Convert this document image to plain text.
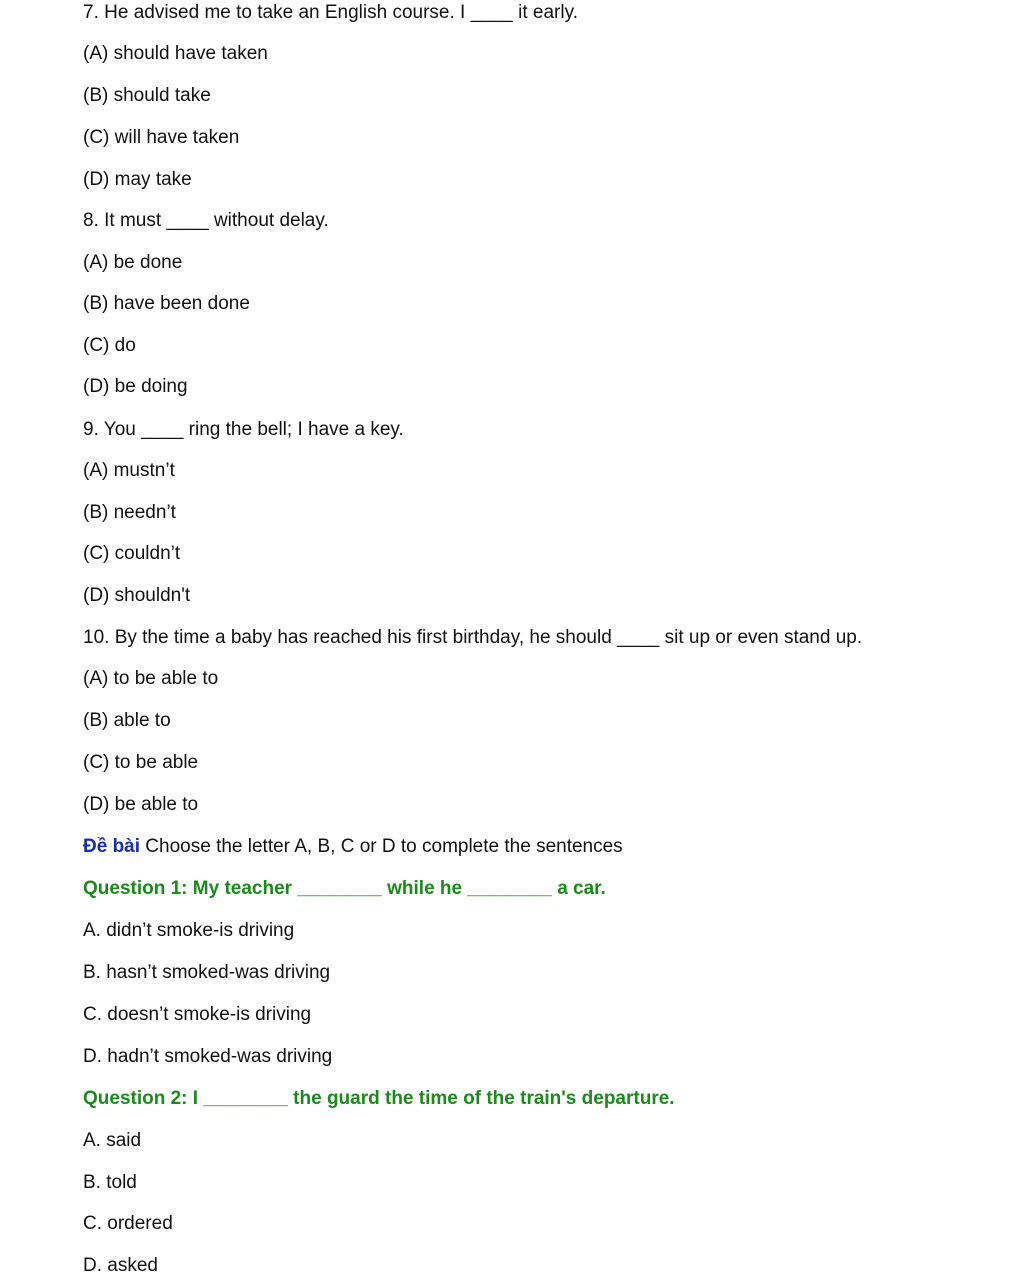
7. He advised me to take an English course. I ____ it early.
(A) should have taken
(B) should take
(C) will have taken
(D) may take
8. It must ____ without delay.
(A) be done
(B) have been done
(C) do
(D) be doing
9. You ____ ring the bell; I have a key.
(A) mustn’t
(B) needn’t
(C) couldn’t
(D) shouldn't
10. By the time a baby has reached his first birthday, he should ____ sit up or even stand up.
(A) to be able to
(B) able to
(C) to be able
(D) be able to
Đề bài Choose the letter A, B, C or D to complete the sentences
Question 1: My teacher ________ while he ________ a car.
A. didn’t smoke-is driving
B. hasn’t smoked-was driving
C. doesn’t smoke-is driving
D. hadn’t smoked-was driving
Question 2: I ________ the guard the time of the train's departure.
A. said
B. told
C. ordered
D. asked
